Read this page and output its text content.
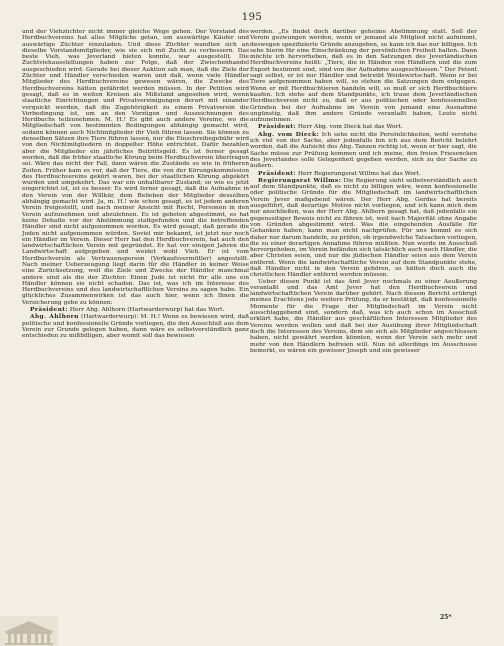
195

und der Viehzüchter nicht immer gleiche Wege gehen. Der Vorstand des Herdbuchvereins hat alles Mögliche getan, um auswärtige Käufer und auswärtige Züchter einzuladen. Und diese Züchter wandten sich an dieselbe Vorstandsmitglieder, wie sie sich mit Zucht zu verbessern. Das beste Vieh, was Jeverland bieten konnte, war ausgestellt. Die Zuchtviehausstellungen haben zur Folge, daß der Zwischenhandel ausgeschieden wird. Gerade bei dieser Auktion sah man, daß die Ziele der Züchter und Händler verschieden waren und daß, wenn viele Händler Mitglieder des Herdbuchvereins gewesen wären, die Zwecke des Herdbuchvereins hätten gefährdet werden müssen. In der Petition wird gesagt, daß es in weiten Kreisen als Mißstand angesehen wird, wenn staatliche Einrichtungen und Privatvereinigungen derart mit einander verquickt werden, daß die Zugehörigkeit zu einem Privatverein die Vorbedingung ist, um an den Vorzügen und Auszeichnungen des Herdbuchs teilzunehmen. M. H.! Es gibt auch andere Vereine, wo die Mitgliedschaft von bestimmten Bedingungen abhängig gemacht wird, sodann können auch Nichtmitglieder ihr Vieh führen lassen. Sie können zu denselben Sätzen ihre Tiere führen lassen, nur die Einschreibegebühr wird von den Nichtmitgliedern in doppelter Höhe entrichtet. Dafür bezahlen aber die Mitglieder ein jährliches Beitrittsgeld. Es ist ferner gesagt worden, daß die früher staatliche Körung beim Herdbuchverein übertragen sei. Wäre das nicht der Fall, dann wären die Zustände so wie in früheren Zeiten. Früher kam es vor, daß der Tiere, die von der Körungskommission des Herdbuchvereins gekört waren, bei der staatlichen Körung abgekört wurden und umgekehrt. Das war ein unhaltbarer Zustand; so wie es jetzt eingerichtet ist, ist es besser. Es wird ferner gesagt, daß die Aufnahme in den Verein von der Willkür, dem Belieben der Mitglieder desselben abhängig gemacht wird. Ja, m. H.! wie schon gesagt, es ist jedem anderen Verein freigestellt, und nach meiner Ansicht mit Recht, Personen in den Verein aufzunehmen und abzulehnen. Es ist gebeten abgestimmt, es hat keine Debatte vor der Abstimmung stattgefunden und die betreffenden Händler sind nicht aufgenommen worden. Es wird gesagt, daß gerade die Juden nicht aufgenommen würden. Soviel mir bekannt, ist jetzt nur noch ein Händler im Verein. Dieser Herr hat den Herdbuchverein, hat auch den landwirtschaftlichen Verein mit gegründet. Er hat vor einigen Jahren die Landwirtschaft aufgegeben und weidet wohl Vieh. Er ist vom Herdbuchverein als Vertrauensperson (Verkaufsvermittler) angestellt. Nach meiner Ueberzeugung liegt darin für die Händler in keiner Weise eine Zurücksetzung, weil die Ziele und Zwecke der Händler manchmal andere sind als die der Züchter. Einen Jude ist nicht für alle uns ein Händler können sie nicht schaden. Das ist, was ich im Interesse des Herdbuchvereins und des landwirtschaftlichen Vereins zu sagen habe. Ein glückliches Zusammenwirken ist das auch hier, wenn ich Ihnen die Versicherung gebe zu können:

Präsident: Herr Abg. Ahlhorn (Hartwarderwurp) hat das Wort.

Abg. Ahlhorn (Hartwarderwurp): M. H.! Wenn es bewiesen wird, daß politische und konfessionelle Gründe vorliegen, die den Ausschluß aus dem Verein zur Grunde gelegen haben, dann wäre es selbstverständlich ganz entschieden zu mißbilligen, aber womit soll das bewiesen

werden. „Es findet doch darüber geheime Abstimmung statt. Soll der Verein gezwungen werden, wenn er jemand als Mitglied nicht aufnimmt, deswegen spezifizierte Gründe anzugeben, so kann ich das nur billigen. Ich sehe hierin für eine Einschränkung der persönlichen Freiheit halten. Dann möchte ich hervorheben, daß es in den Satzungen des Jeverländischen Herdbuchvereins heißt: „Tiere, die in Händen von Händlern und die zum Export bestimmt sind, sind von der Aufnahme ausgeschlossen.“ Der Petent sagt selbst, er ist nur Händler und betreibt Weidewirtschaft. Wenn er bei Tiere aufgenommen haben will, so stehen die Satzungen dem entgegen. Wenn er mit Herdbuchtieren handeln will, so muß er sich Herdbuchtiere kaufen. Ich stehe auf dem Standpunkte, ich traue dem Jeverländischen Herdbuchverein nicht zu, daß er aus politischen oder konfessionellen Gründen bei der Aufnahme im Verein von jemand eine Ausnahme ungünstig, daß ihm andere Gründe veranlaßt haben, Leute nicht aufzunehmen.

Präsident: Herr Abg. vom Dieck hat das Wort.

Abg. vom Dieck: Ich sehe nicht die Persönlichkeiten, wohl verstehe ich viel von der Sache, aber jedenfalls bin ich aus dem Bericht belehrt worden, daß die Aufsicht des Abg. Tanzen richtig ist, wenn er hier sagt, die Sache müsse zur Prüfung kommen und ich meine, den freien Friesencken des Jeverlandes solle Gelegenheit gegeben werden, sich zu der Sache zu äußern.

Präsident: Herr Regierungsrat Willms hat das Wort.

Regierungsrat Willms: Die Regierung sieht selbstverständlich auch auf dem Standpunkte, daß es nicht zu billigen wäre, wenn konfessionelle oder politische Gründe für die Mitgliedschaft im landwirtschaftlichen Verein Jever maßgebend wären. Der Herr Abg. Gerdes hat bereits ausgeführt, daß derartige Motive nicht vorliegen, und ich kann mich dem nur anschließen, was der Herr Abg. Ahlhorn gesagt hat, daß jedenfalls ein gegenseitiger Beweis nicht zu führen ist, weil nach Majorität ohne Angabe von Gründen abgestimmt wird. Was die eingehenden Ausfälle für Gehanken haben, kann man nicht nachprüfen. Für uns kommt es sich daher nur darum handeln, zu prüfen, ob irgendwelche Tatsachen vorliegen, die zu einer derartigen Annahme führen müßten. Nun wurde im Ausschuß hervorgehoben, im Verein befänden sich tatsächlich auch noch Händler, die aber Christen seien, und nur die jüdischen Händler seien aus dem Verein entfernt. Wenn die landwirtschaftliche Verein auf dem Standpunkte stehe, daß Händler nicht in den Verein gehören, so hätten doch auch die christlichen Händler entfernt werden müssen.

Ueber diesen Punkt ist das Amt Jever nochmals zu einer Aeußerung veranlaßt und das Amt Jever hat den Herdbuchverein und landwirtschaftlichen Verein darüber gehört. Nach diesem Bericht erübrigt meines Erachtens jede weitere Prüfung, da er bestätigt, daß konfessionelle Momente für die Frage der Mitgliedschaft im Verein nicht ausschlaggebend sind, sondern daß, was ich auch schon im Ausschuß erklärt habe, die Händler aus geschäftlichen Interessen Mitglieder des Vereins werden wollen und daß bei der Ausübung ihrer Mitgliedschaft doch die Interessen des Vereins, dem sie sich als Mitglieder angeschlossen haben, nicht gewährt werden könnten, wenn der Verein sich mehr und mehr von den Händlern befreien will. Nun ist allerdings im Ausschusse bemerkt, es wären ein gewisser Joseph und ein gewisser

25*
